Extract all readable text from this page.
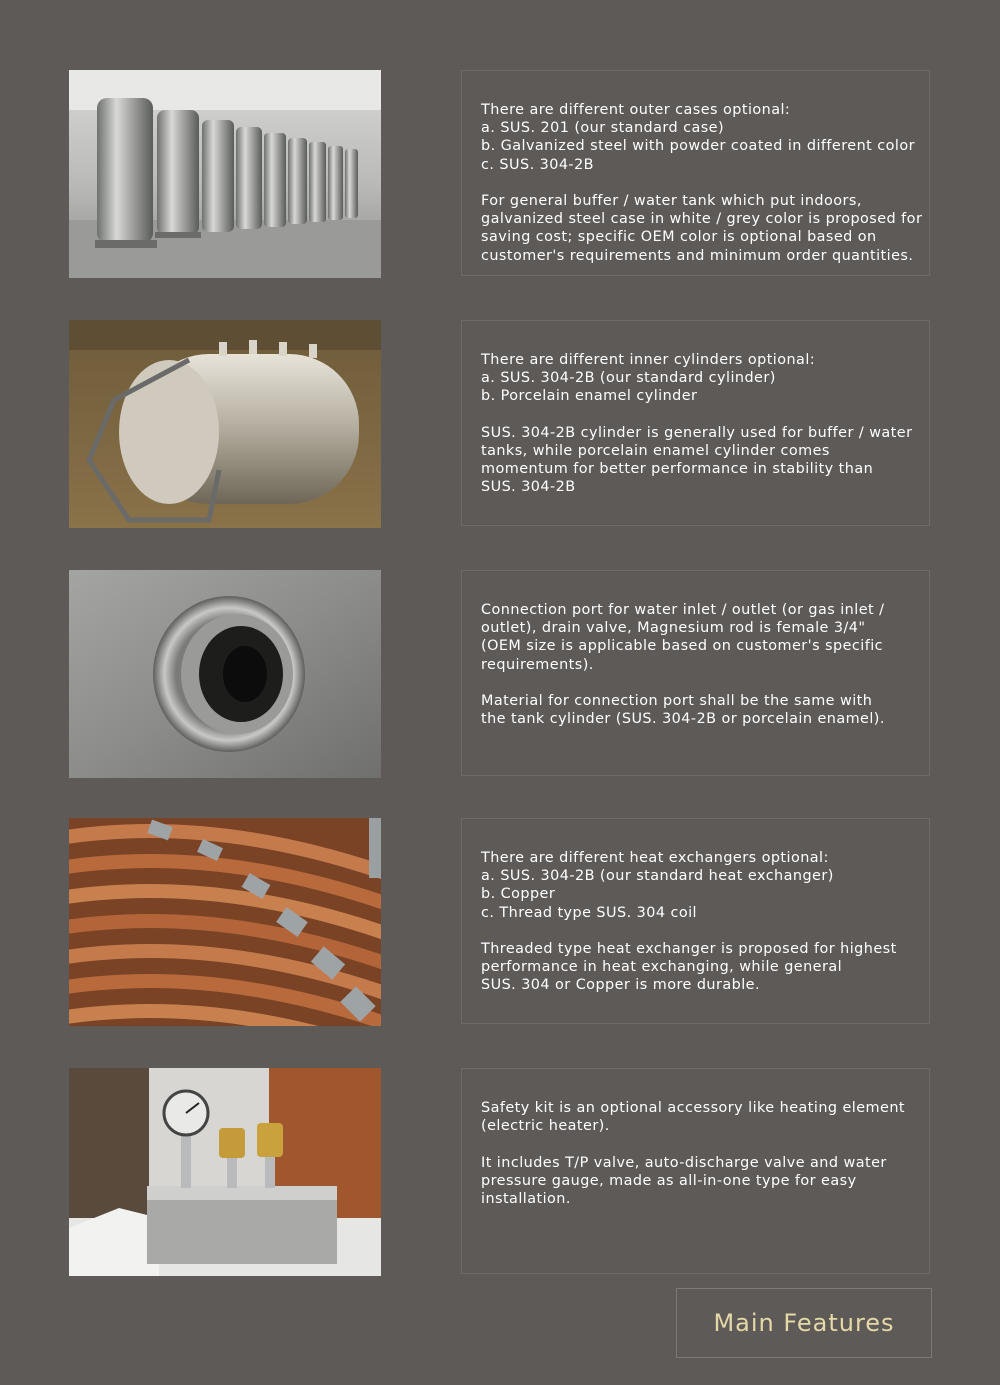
There are different outer cases optional:
a. SUS. 201 (our standard case)
b. Galvanized steel with powder coated in different color
c. SUS. 304-2B
For general buffer / water tank which put indoors,
galvanized steel case in white / grey color is proposed for
saving cost; specific OEM color is optional based on
customer's requirements and minimum order quantities.
There are different inner cylinders optional:
a. SUS. 304-2B (our standard cylinder)
b. Porcelain enamel cylinder
SUS. 304-2B cylinder is generally used for buffer / water
tanks, while porcelain enamel cylinder comes
momentum for better performance in stability than
SUS. 304-2B
Connection port for water inlet / outlet (or gas inlet /
outlet), drain valve, Magnesium rod is female 3/4"
(OEM size is applicable based on customer's specific
requirements).
Material for connection port shall be the same with
the tank cylinder (SUS. 304-2B or porcelain enamel).
There are different heat exchangers optional:
a. SUS. 304-2B (our standard heat exchanger)
b. Copper
c. Thread type SUS. 304 coil
Threaded type heat exchanger is proposed for highest
performance in heat exchanging, while general
SUS. 304 or Copper is more durable.
Safety kit is an optional accessory like heating element
(electric heater).
It includes T/P valve, auto-discharge valve and water
pressure gauge, made as all-in-one type for easy
installation.
Main Features
